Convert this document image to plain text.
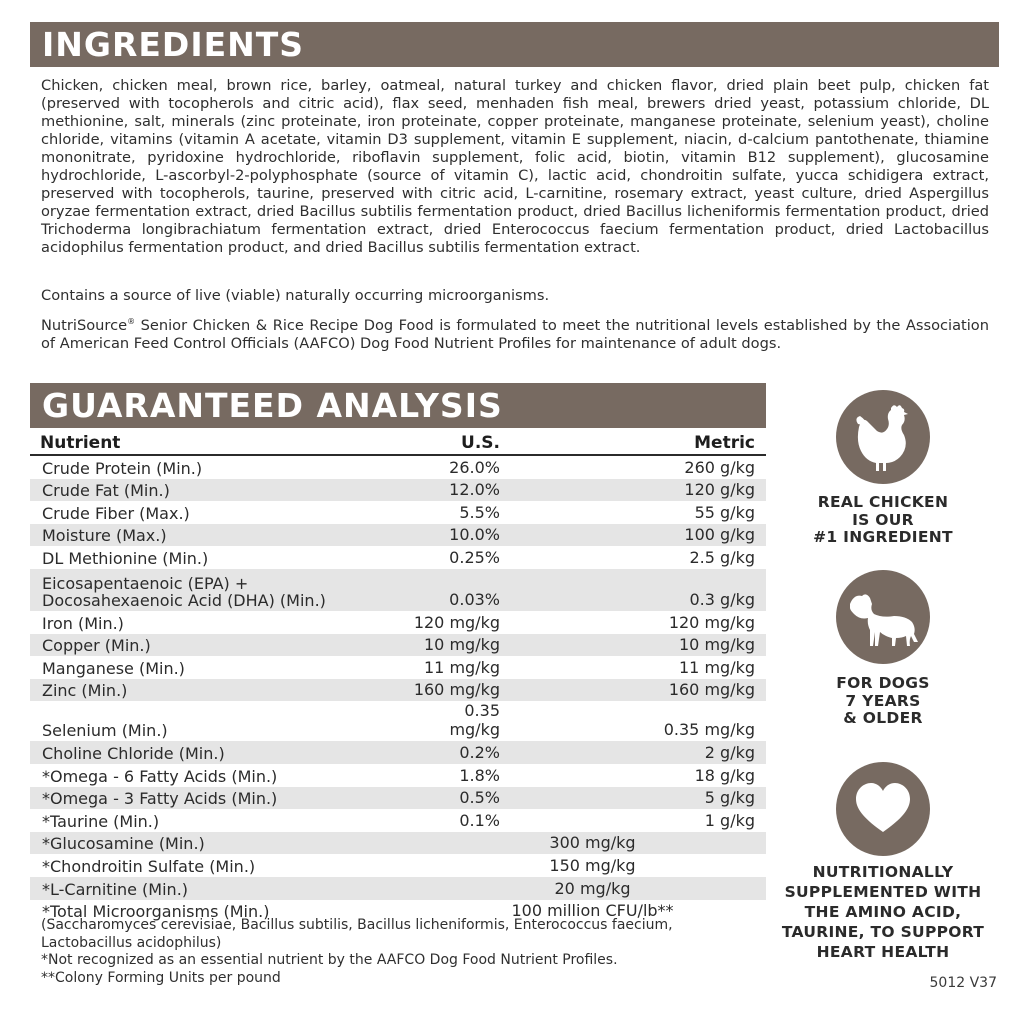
INGREDIENTS

Chicken, chicken meal, brown rice, barley, oatmeal, natural turkey and chicken flavor, dried plain beet pulp, chicken fat (preserved with tocopherols and citric acid), flax seed, menhaden fish meal, brewers dried yeast, potassium chloride, DL methionine, salt, minerals (zinc proteinate, iron proteinate, copper proteinate, manganese proteinate, selenium yeast), choline chloride, vitamins (vitamin A acetate, vitamin D3 supplement, vitamin E supplement, niacin, d-calcium pantothenate, thiamine mononitrate, pyridoxine hydrochloride, riboflavin supplement, folic acid, biotin, vitamin B12 supplement), glucosamine hydrochloride, L-ascorbyl-2-polyphosphate (source of vitamin C), lactic acid, chondroitin sulfate, yucca schidigera extract, preserved with tocopherols, taurine, preserved with citric acid, L-carnitine, rosemary extract, yeast culture, dried Aspergillus oryzae fermentation extract, dried Bacillus subtilis fermentation product, dried Bacillus licheniformis fermentation product, dried Trichoderma longibrachiatum fermentation extract, dried Enterococcus faecium fermentation product, dried Lactobacillus acidophilus fermentation product, and dried Bacillus subtilis fermentation extract.

Contains a source of live (viable) naturally occurring microorganisms.

NutriSource® Senior Chicken & Rice Recipe Dog Food is formulated to meet the nutritional levels established by the Association of American Feed Control Officials (AAFCO) Dog Food Nutrient Profiles for maintenance of adult dogs.

GUARANTEED ANALYSIS
Nutrient	U.S.	Metric
Crude Protein (Min.)	26.0%	260 g/kg
Crude Fat (Min.)	12.0%	120 g/kg
Crude Fiber (Max.)	5.5%	55 g/kg
Moisture (Max.)	10.0%	100 g/kg
DL Methionine (Min.)	0.25%	2.5 g/kg
Eicosapentaenoic (EPA) +
Docosahexaenoic Acid (DHA) (Min.)	0.03%	0.3 g/kg
Iron (Min.)	120 mg/kg	120 mg/kg
Copper (Min.)	10 mg/kg	10 mg/kg
Manganese (Min.)	11 mg/kg	11 mg/kg
Zinc (Min.)	160 mg/kg	160 mg/kg
Selenium (Min.)
0.35 mg/kg	0.35 mg/kg
Choline Chloride (Min.)	0.2%	2 g/kg
*Omega - 6 Fatty Acids (Min.)	1.8%	18 g/kg
*Omega - 3 Fatty Acids (Min.)	0.5%	5 g/kg
*Taurine (Min.)	0.1%	1 g/kg
*Glucosamine (Min.)	300 mg/kg
*Chondroitin Sulfate (Min.)	150 mg/kg
*L-Carnitine (Min.)	20 mg/kg
*Total Microorganisms (Min.)	100 million CFU/lb**
(Saccharomyces cerevisiae, Bacillus subtilis, Bacillus licheniformis, Enterococcus faecium,
Lactobacillus acidophilus)
*Not recognized as an essential nutrient by the AAFCO Dog Food Nutrient Profiles.
**Colony Forming Units per pound
REAL CHICKEN
IS OUR
#1 INGREDIENT
FOR DOGS
7 YEARS
& OLDER
NUTRITIONALLY
SUPPLEMENTED WITH
THE AMINO ACID,
TAURINE, TO SUPPORT
HEART HEALTH
5012 V37
